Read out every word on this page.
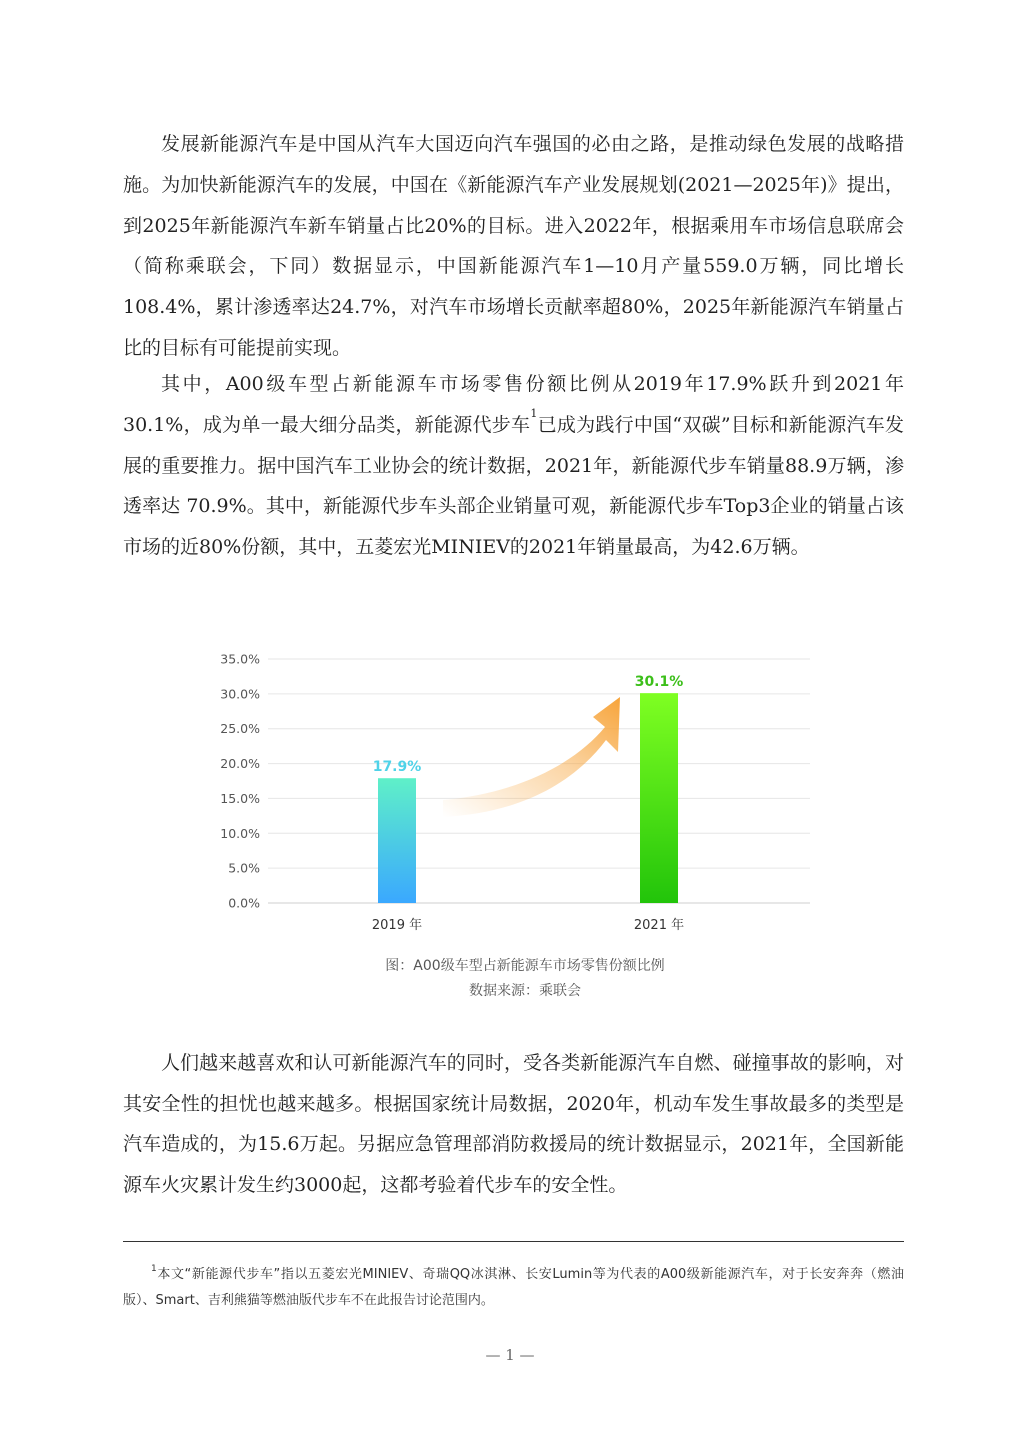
发展新能源汽车是中国从汽车大国迈向汽车强国的必由之路，是推动绿色发展的战略措施。为加快新能源汽车的发展，中国在《新能源汽车产业发展规划(2021—2025年)》提出，到2025年新能源汽车新车销量占比20%的目标。进入2022年，根据乘用车市场信息联席会（简称乘联会，下同）数据显示，中国新能源汽车1—10月产量559.0万辆，同比增长108.4%，累计渗透率达24.7%，对汽车市场增长贡献率超80%，2025年新能源汽车销量占比的目标有可能提前实现。

其中，A00级车型占新能源车市场零售份额比例从2019年17.9%跃升到2021年30.1%，成为单一最大细分品类，新能源代步车$^1$已成为践行中国“双碳”目标和新能源汽车发展的重要推力。据中国汽车工业协会的统计数据，2021年，新能源代步车销量88.9万辆，渗透率达 70.9%。其中，新能源代步车头部企业销量可观，新能源代步车Top3企业的销量占该市场的近80%份额，其中，五菱宏光MINIEV的2021年销量最高，为42.6万辆。

0.0%
5.0%
10.0%
15.0%
20.0%
25.0%
30.0%
35.0%
17.9%
30.1%
2019 年	2021 年
图：A00级车型占新能源车市场零售份额比例
数据来源：乘联会

人们越来越喜欢和认可新能源汽车的同时，受各类新能源汽车自燃、碰撞事故的影响，对其安全性的担忧也越来越多。根据国家统计局数据，2020年，机动车发生事故最多的类型是汽车造成的，为15.6万起。另据应急管理部消防救援局的统计数据显示，2021年，全国新能源车火灾累计发生约3000起，这都考验着代步车的安全性。

$^1$本文“新能源代步车”指以五菱宏光MINIEV、奇瑞QQ冰淇淋、长安Lumin等为代表的A00级新能源汽车，对于长安奔奔（燃油版）、Smart、吉利熊猫等燃油版代步车不在此报告讨论范围内。

— 1 —
